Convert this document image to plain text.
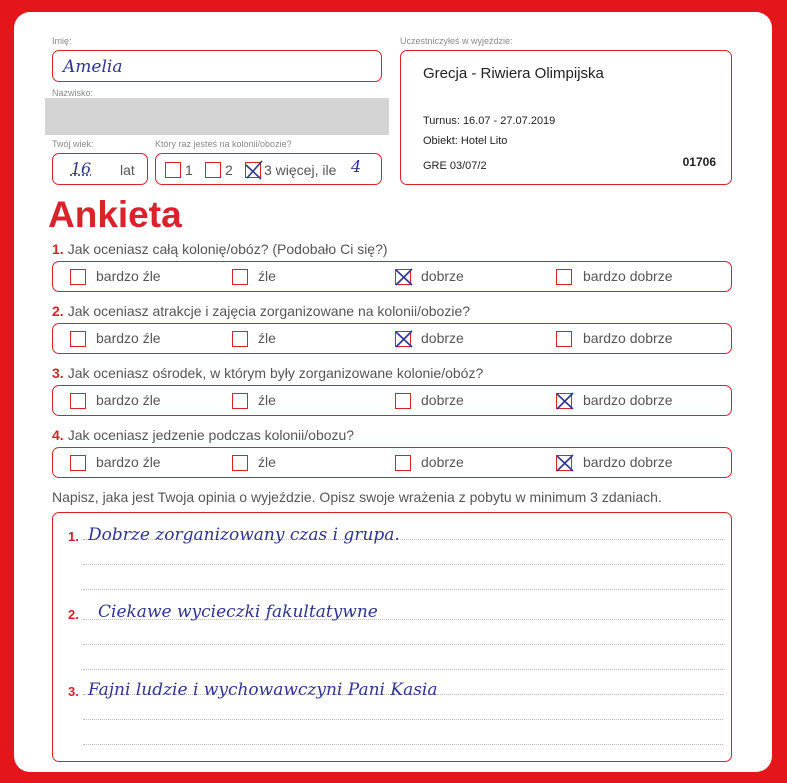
Imię:
Amelia
Nazwisko:
Twój wiek:
16	lat
Który raz jesteś na kolonii/obozie?
1 2 3 więcej, ile 4
Uczestniczyłeś w wyjeździe:
Grecja - Riwiera Olimpijska
Turnus: 16.07 - 27.07.2019
Obiekt: Hotel Lito
GRE 03/07/2	01706
Ankieta
1. Jak oceniasz całą kolonię/obóz? (Podobało Ci się?)
bardzo źle	źle	dobrze	bardzo dobrze
2. Jak oceniasz atrakcje i zajęcia zorganizowane na kolonii/obozie?
bardzo źle	źle	dobrze	bardzo dobrze
3. Jak oceniasz ośrodek, w którym były zorganizowane kolonie/obóz?
bardzo źle	źle	dobrze	bardzo dobrze
4. Jak oceniasz jedzenie podczas kolonii/obozu?
bardzo źle	źle	dobrze	bardzo dobrze
Napisz, jaka jest Twoja opinia o wyjeździe. Opisz swoje wrażenia z pobytu w minimum 3 zdaniach.
1. Dobrze zorganizowany czas i grupa.
2. Ciekawe wycieczki fakultatywne
3. Fajni ludzie i wychowawczyni Pani Kasia
